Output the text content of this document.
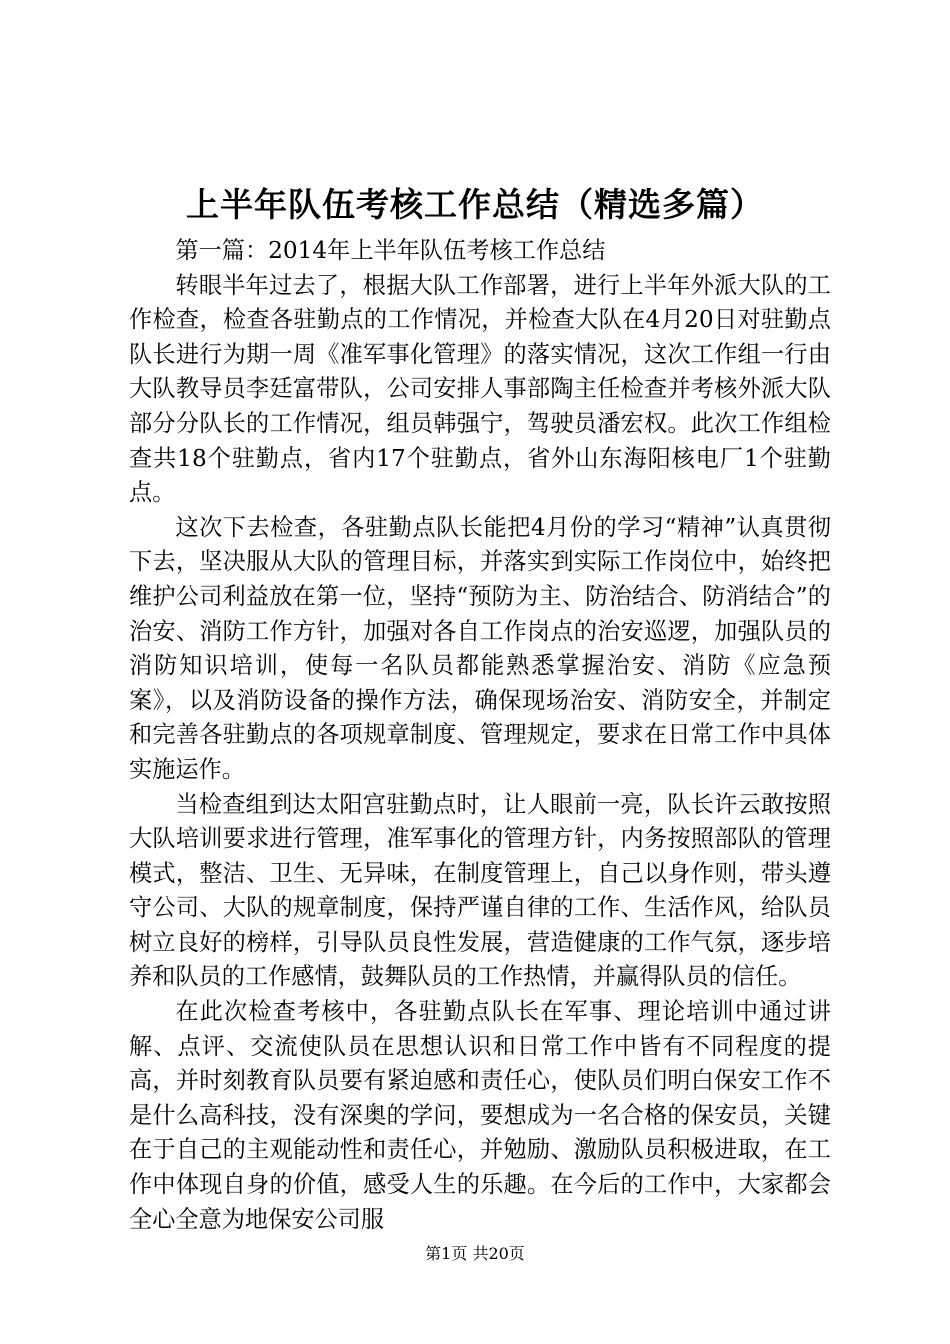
上半年队伍考核工作总结（精选多篇）

第一篇：2014年上半年队伍考核工作总结

转眼半年过去了，根据大队工作部署，进行上半年外派大队的工作检查，检查各驻勤点的工作情况，并检查大队在4月20日对驻勤点队长进行为期一周《准军事化管理》的落实情况，这次工作组一行由大队教导员李廷富带队，公司安排人事部陶主任检查并考核外派大队部分分队长的工作情况，组员韩强宁，驾驶员潘宏权。此次工作组检查共18个驻勤点，省内17个驻勤点，省外山东海阳核电厂1个驻勤点。

这次下去检查，各驻勤点队长能把4月份的学习“精神”认真贯彻下去，坚决服从大队的管理目标，并落实到实际工作岗位中，始终把维护公司利益放在第一位，坚持“预防为主、防治结合、防消结合”的治安、消防工作方针，加强对各自工作岗点的治安巡逻，加强队员的消防知识培训，使每一名队员都能熟悉掌握治安、消防《应急预案》，以及消防设备的操作方法，确保现场治安、消防安全，并制定和完善各驻勤点的各项规章制度、管理规定，要求在日常工作中具体实施运作。

当检查组到达太阳宫驻勤点时，让人眼前一亮，队长许云敢按照大队培训要求进行管理，准军事化的管理方针，内务按照部队的管理模式，整洁、卫生、无异味，在制度管理上，自己以身作则，带头遵守公司、大队的规章制度，保持严谨自律的工作、生活作风，给队员树立良好的榜样，引导队员良性发展，营造健康的工作气氛，逐步培养和队员的工作感情，鼓舞队员的工作热情，并赢得队员的信任。

在此次检查考核中，各驻勤点队长在军事、理论培训中通过讲解、点评、交流使队员在思想认识和日常工作中皆有不同程度的提高，并时刻教育队员要有紧迫感和责任心，使队员们明白保安工作不是什么高科技，没有深奥的学问，要想成为一名合格的保安员，关键在于自己的主观能动性和责任心，并勉励、激励队员积极进取，在工作中体现自身的价值，感受人生的乐趣。在今后的工作中，大家都会全心全意为地保安公司服

第1页 共20页
